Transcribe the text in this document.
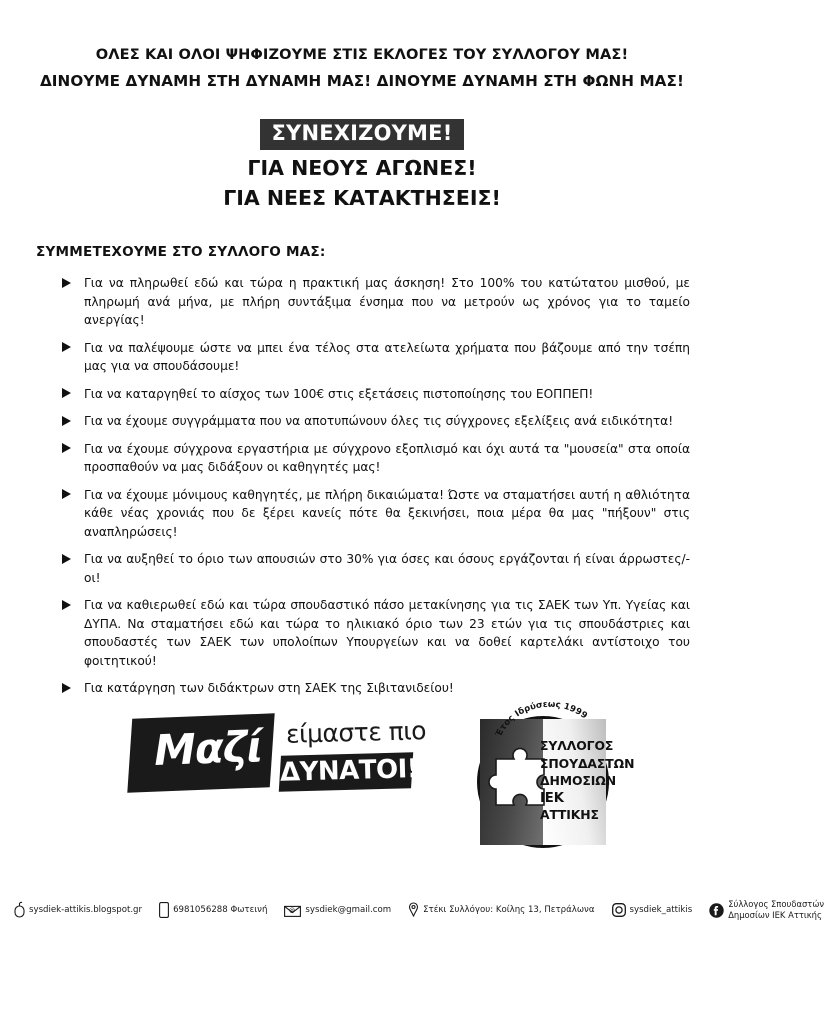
ΟΛΕΣ ΚΑΙ ΟΛΟΙ ΨΗΦΙΖΟΥΜΕ ΣΤΙΣ ΕΚΛΟΓΕΣ ΤΟΥ ΣΥΛΛΟΓΟΥ ΜΑΣ!
ΔΙΝΟΥΜΕ ΔΥΝΑΜΗ ΣΤΗ ΔΥΝΑΜΗ ΜΑΣ! ΔΙΝΟΥΜΕ ΔΥΝΑΜΗ ΣΤΗ ΦΩΝΗ ΜΑΣ!
ΣΥΝΕΧΙΖΟΥΜΕ!
ΓΙΑ ΝΕΟΥΣ ΑΓΩΝΕΣ!
ΓΙΑ ΝΕΕΣ ΚΑΤΑΚΤΗΣΕΙΣ!
ΣΥΜΜΕΤΕΧΟΥΜΕ ΣΤΟ ΣΥΛΛΟΓΟ ΜΑΣ:
Για να πληρωθεί εδώ και τώρα η πρακτική μας άσκηση! Στο 100% του κατώτατου μισθού, με πληρωμή ανά μήνα, με πλήρη συντάξιμα ένσημα που να μετρούν ως χρόνος για το ταμείο ανεργίας!
Για να παλέψουμε ώστε να μπει ένα τέλος στα ατελείωτα χρήματα που βάζουμε από την τσέπη μας για να σπουδάσουμε!
Για να καταργηθεί το αίσχος των 100€ στις εξετάσεις πιστοποίησης του ΕΟΠΠΕΠ!
Για να έχουμε συγγράμματα που να αποτυπώνουν όλες τις σύγχρονες εξελίξεις ανά ειδικότητα!
Για να έχουμε σύγχρονα εργαστήρια με σύγχρονο εξοπλισμό και όχι αυτά τα "μουσεία" στα οποία προσπαθούν να μας διδάξουν οι καθηγητές μας!
Για να έχουμε μόνιμους καθηγητές, με πλήρη δικαιώματα! Ώστε να σταματήσει αυτή η αθλιότητα κάθε νέας χρονιάς που δε ξέρει κανείς πότε θα ξεκινήσει, ποια μέρα θα μας "πήξουν" στις αναπληρώσεις!
Για να αυξηθεί το όριο των απουσιών στο 30% για όσες και όσους εργάζονται ή είναι άρρωστες/-οι!
Για να καθιερωθεί εδώ και τώρα σπουδαστικό πάσο μετακίνησης για τις ΣΑΕΚ των Υπ. Υγείας και ΔΥΠΑ. Να σταματήσει εδώ και τώρα το ηλικιακό όριο των 23 ετών για τις σπουδάστριες και σπουδαστές των ΣΑΕΚ των υπολοίπων Υπουργείων και να δοθεί καρτελάκι αντίστοιχο του φοιτητικού!
Για κατάργηση των διδάκτρων στη ΣΑΕΚ της Σιβιτανιδείου!
Μαζί είμαστε πιο
ΔΥΝΑΤΟΙ!
Έτος Ιδρύσεως 1999
ΣΥΛΛΟΓΟΣ
ΣΠΟΥΔΑΣΤΩΝ
ΔΗΜΟΣΙΩΝ
ΙΕΚ
ΑΤΤΙΚΗΣ
sysdiek-attikis.blogspot.gr	6981056288 Φωτεινή	@ sysdiek@gmail.com	Στέκι Συλλόγου: Κοίλης 13, Πετράλωνα	sysdiek_attikis
Σύλλογος Σπουδαστών
Δημοσίων ΙΕΚ Αττικής
